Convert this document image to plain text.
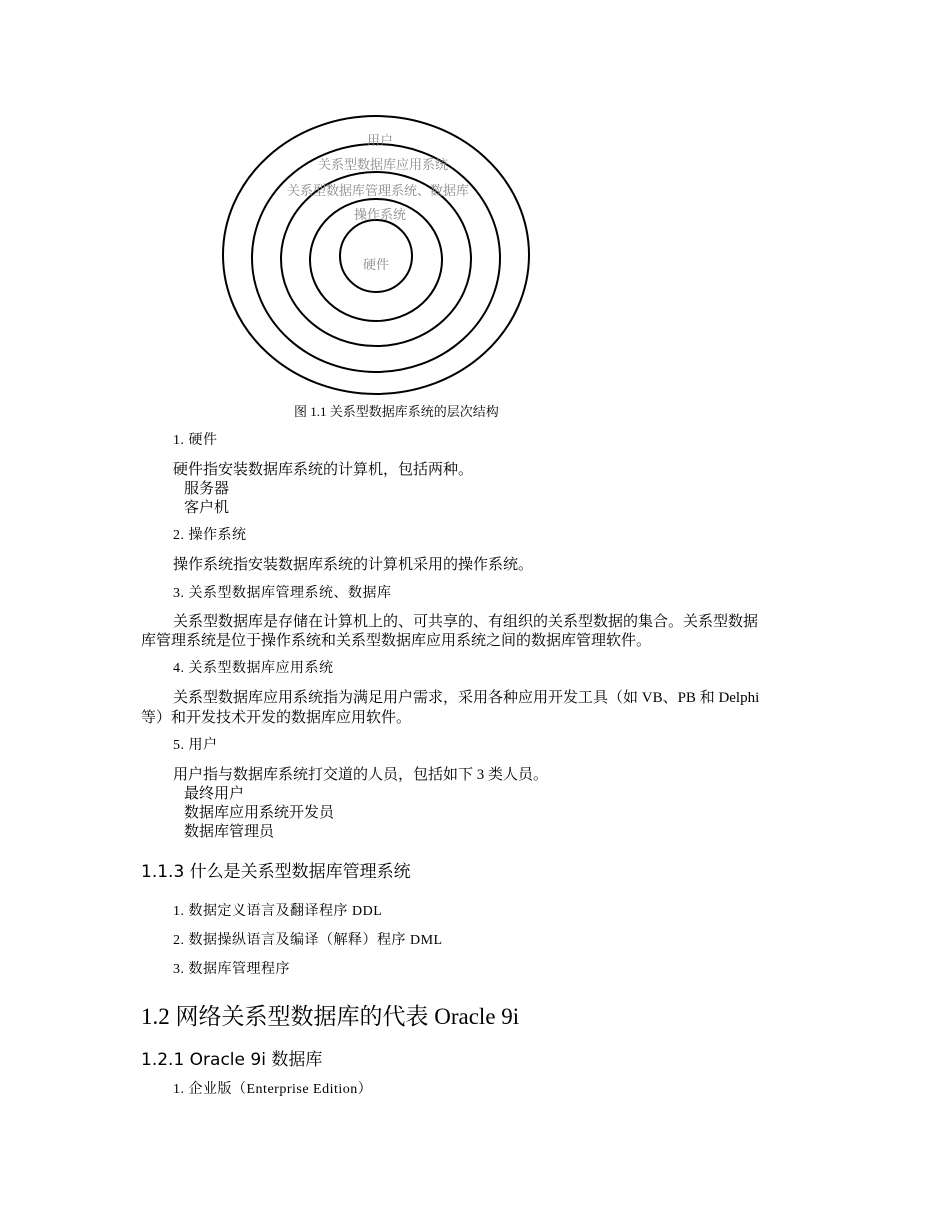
用户
关系型数据库应用系统
关系型数据库管理系统、数据库
操作系统
硬件
图 1.1 关系型数据库系统的层次结构
1. 硬件
硬件指安装数据库系统的计算机，包括两种。
服务器
客户机
2. 操作系统
操作系统指安装数据库系统的计算机采用的操作系统。
3. 关系型数据库管理系统、数据库
关系型数据库是存储在计算机上的、可共享的、有组织的关系型数据的集合。关系型数据
库管理系统是位于操作系统和关系型数据库应用系统之间的数据库管理软件。
4. 关系型数据库应用系统
关系型数据库应用系统指为满足用户需求，采用各种应用开发工具（如 VB、PB 和 Delphi
等）和开发技术开发的数据库应用软件。
5. 用户
用户指与数据库系统打交道的人员，包括如下 3 类人员。
最终用户
数据库应用系统开发员
数据库管理员
1.1.3 什么是关系型数据库管理系统
1. 数据定义语言及翻译程序 DDL
2. 数据操纵语言及编译（解释）程序 DML
3. 数据库管理程序
1.2 网络关系型数据库的代表 Oracle 9i
1.2.1 Oracle 9i 数据库
1. 企业版（Enterprise Edition）
